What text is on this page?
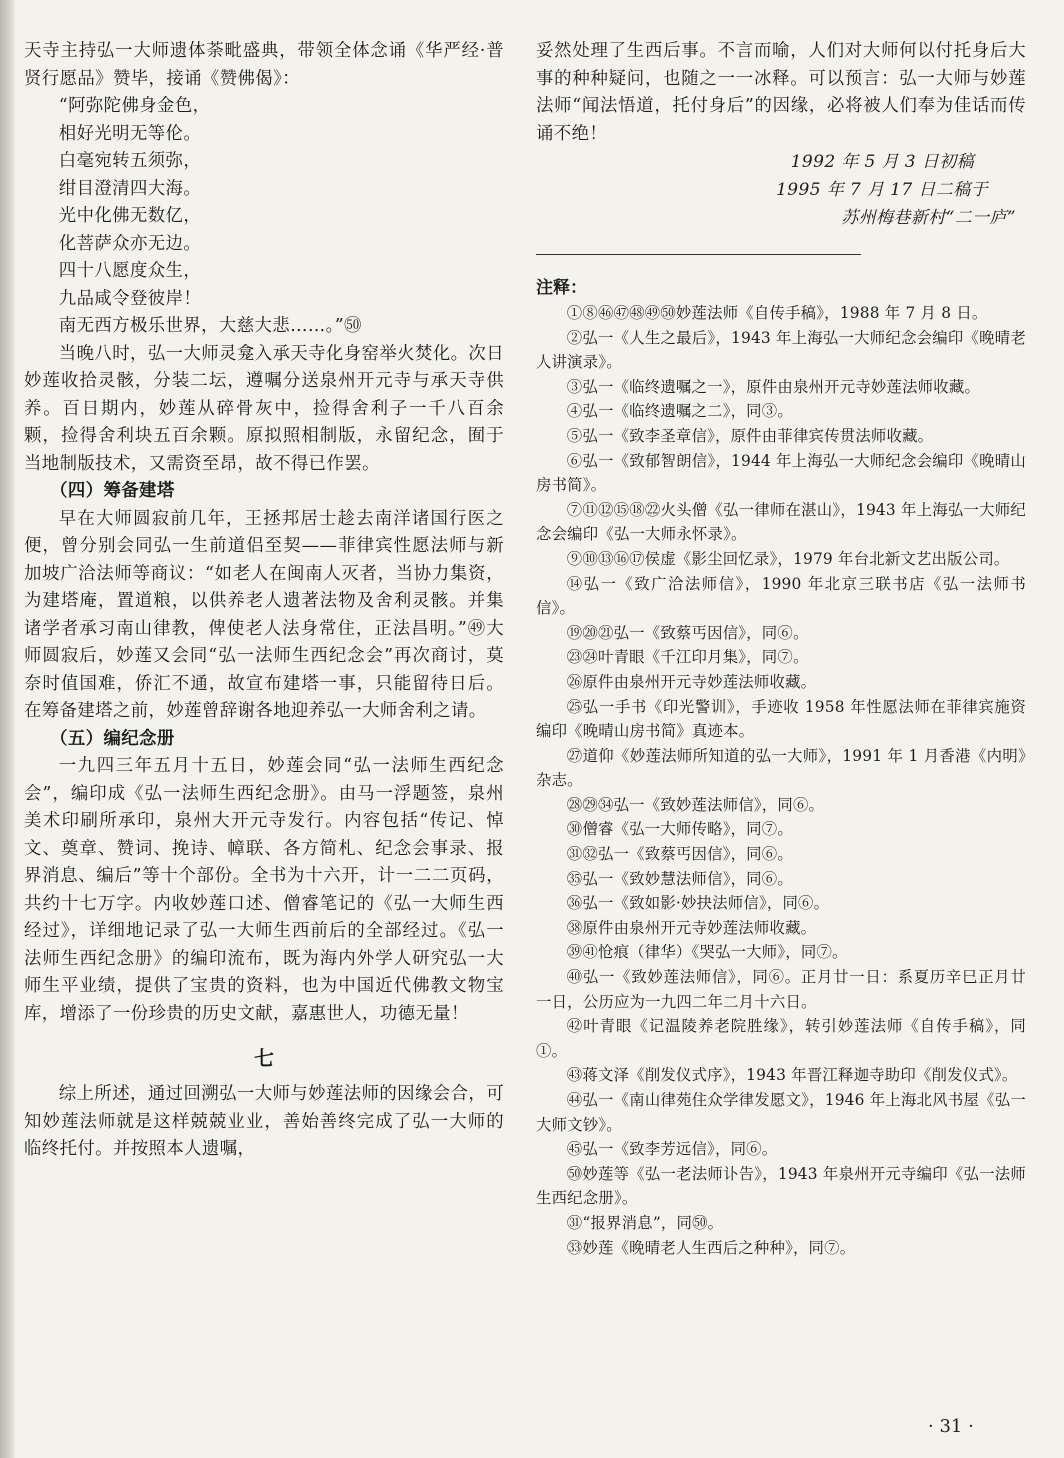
天寺主持弘一大师遗体荼毗盛典，带领全体念诵《华严经·普贤行愿品》赞毕，接诵《赞佛偈》：

“阿弥陀佛身金色，

相好光明无等伦。

白毫宛转五须弥，

绀目澄清四大海。

光中化佛无数亿，

化菩萨众亦无边。

四十八愿度众生，

九品咸令登彼岸！

南无西方极乐世界，大慈大悲……。”㊿

当晚八时，弘一大师灵龛入承天寺化身窑举火焚化。次日妙莲收拾灵骸，分装二坛，遵嘱分送泉州开元寺与承天寺供养。百日期内，妙莲从碎骨灰中，捡得舍利子一千八百余颗，捡得舍利块五百余颗。原拟照相制版，永留纪念，囿于当地制版技术，又需资至昂，故不得已作罢。

（四）筹备建塔

早在大师圆寂前几年，王拯邦居士趁去南洋诸国行医之便，曾分别会同弘一生前道侣至契——菲律宾性愿法师与新加坡广洽法师等商议：“如老人在闽南人灭者，当协力集资，为建塔庵，置道粮，以供养老人遗著法物及舍利灵骸。并集诸学者承习南山律教，俾使老人法身常住，正法昌明。”㊾大师圆寂后，妙莲又会同“弘一法师生西纪念会”再次商讨，莫奈时值国难，侨汇不通，故宣布建塔一事，只能留待日后。在筹备建塔之前，妙莲曾辞谢各地迎养弘一大师舍利之请。

（五）编纪念册

一九四三年五月十五日，妙莲会同“弘一法师生西纪念会”，编印成《弘一法师生西纪念册》。由马一浮题签，泉州美术印刷所承印，泉州大开元寺发行。内容包括“传记、悼文、奠章、赞词、挽诗、幛联、各方简札、纪念会事录、报界消息、编后”等十个部份。全书为十六开，计一二二页码，共约十七万字。内收妙莲口述、僧睿笔记的《弘一大师生西经过》，详细地记录了弘一大师生西前后的全部经过。《弘一法师生西纪念册》的编印流布，既为海内外学人研究弘一大师生平业绩，提供了宝贵的资料，也为中国近代佛教文物宝库，增添了一份珍贵的历史文献，嘉惠世人，功德无量！

七

综上所述，通过回溯弘一大师与妙莲法师的因缘会合，可知妙莲法师就是这样兢兢业业，善始善终完成了弘一大师的临终托付。并按照本人遗嘱，

妥然处理了生西后事。不言而喻，人们对大师何以付托身后大事的种种疑问，也随之一一冰释。可以预言：弘一大师与妙莲法师“闻法悟道，托付身后”的因缘，必将被人们奉为佳话而传诵不绝！

1992 年 5 月 3 日初稿

1995 年 7 月 17 日二稿于

苏州梅巷新村“二一庐”

注释：

①⑧㊻㊼㊽㊾㊿妙莲法师《自传手稿》，1988 年 7 月 8 日。

②弘一《人生之最后》，1943 年上海弘一大师纪念会编印《晚晴老人讲演录》。

③弘一《临终遗嘱之一》，原件由泉州开元寺妙莲法师收藏。

④弘一《临终遗嘱之二》，同③。

⑤弘一《致李圣章信》，原件由菲律宾传贯法师收藏。

⑥弘一《致郁智朗信》，1944 年上海弘一大师纪念会编印《晚晴山房书简》。

⑦⑪⑫⑮⑱㉒火头僧《弘一律师在湛山》，1943 年上海弘一大师纪念会编印《弘一大师永怀录》。

⑨⑩⑬⑯⑰侯虚《影尘回忆录》，1979 年台北新文艺出版公司。

⑭弘一《致广洽法师信》，1990 年北京三联书店《弘一法师书信》。

⑲⑳㉑弘一《致蔡丐因信》，同⑥。

㉓㉔叶青眼《千江印月集》，同⑦。

㉖原件由泉州开元寺妙莲法师收藏。

㉕弘一手书《印光警训》，手迹收 1958 年性愿法师在菲律宾施资编印《晚晴山房书简》真迹本。

㉗道仰《妙莲法师所知道的弘一大师》，1991 年 1 月香港《内明》杂志。

㉘㉙㉞弘一《致妙莲法师信》，同⑥。

㉚僧睿《弘一大师传略》，同⑦。

㉛㉜弘一《致蔡丐因信》，同⑥。

㉟弘一《致妙慧法师信》，同⑥。

㊱弘一《致如影·妙抉法师信》，同⑥。

㊳原件由泉州开元寺妙莲法师收藏。

㊴㊶怆痕（律华）《哭弘一大师》，同⑦。

㊵弘一《致妙莲法师信》，同⑥。正月廿一日：系夏历辛巳正月廿一日，公历应为一九四二年二月十六日。

㊷叶青眼《记温陵养老院胜缘》，转引妙莲法师《自传手稿》，同①。

㊸蒋文泽《削发仪式序》，1943 年晋江释迦寺助印《削发仪式》。

㊹弘一《南山律苑住众学律发愿文》，1946 年上海北风书屋《弘一大师文钞》。

㊺弘一《致李芳远信》，同⑥。

㊿妙莲等《弘一老法师讣告》，1943 年泉州开元寺编印《弘一法师生西纪念册》。

㉛“报界消息”，同㊿。

㉝妙莲《晚晴老人生西后之种种》，同⑦。

· 31 ·
